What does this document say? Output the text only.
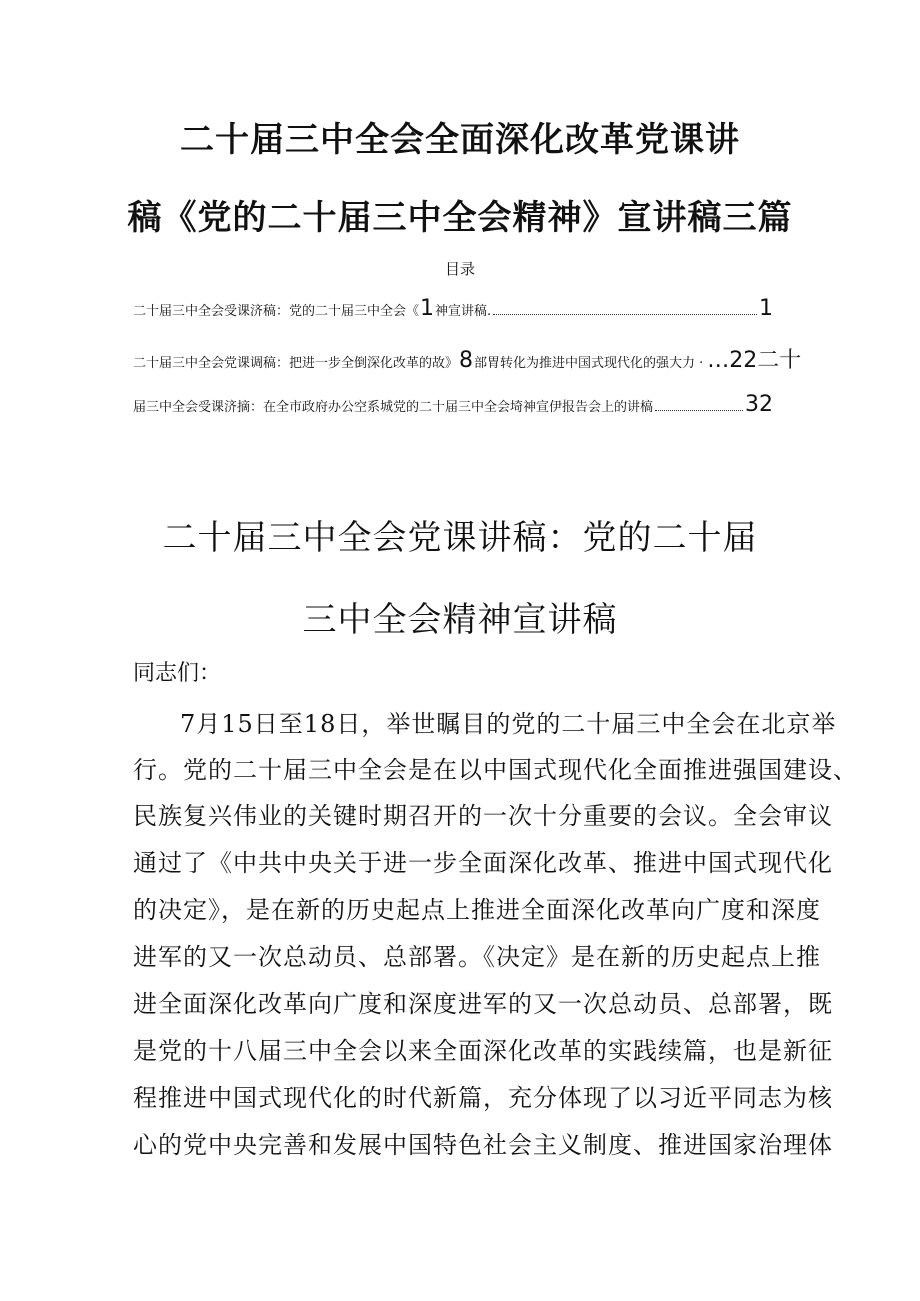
二十届三中全会全面深化改革党课讲
稿《党的二十届三中全会精神》宣讲稿三篇
目录
二十届三中全会受课济稿：党的二十届三中全会《 1 神宣讲稿.	1
二十届三中全会党课调稿：把进一步全倒深化改革的故》 8 部胃转化为推进中国式现代化的强大力 · …22二十
届三中全会受课济摘：在全市政府办公空系城党的二十届三中全会埼神宣伊报告会上的讲槁	32
二十届三中全会党课讲稿：党的二十届
三中全会精神宣讲稿
同志们：
7月15日至18日，举世瞩目的党的二十届三中全会在北京举
行。党的二十届三中全会是在以中国式现代化全面推进强国建设、
民族复兴伟业的关键时期召开的一次十分重要的会议。全会审议
通过了《中共中央关于进一步全面深化改革、推进中国式现代化
的决定》，是在新的历史起点上推进全面深化改革向广度和深度
进军的又一次总动员、总部署。《决定》是在新的历史起点上推
进全面深化改革向广度和深度进军的又一次总动员、总部署，既
是党的十八届三中全会以来全面深化改革的实践续篇，也是新征
程推进中国式现代化的时代新篇，充分体现了以习近平同志为核
心的党中央完善和发展中国特色社会主义制度、推进国家治理体
